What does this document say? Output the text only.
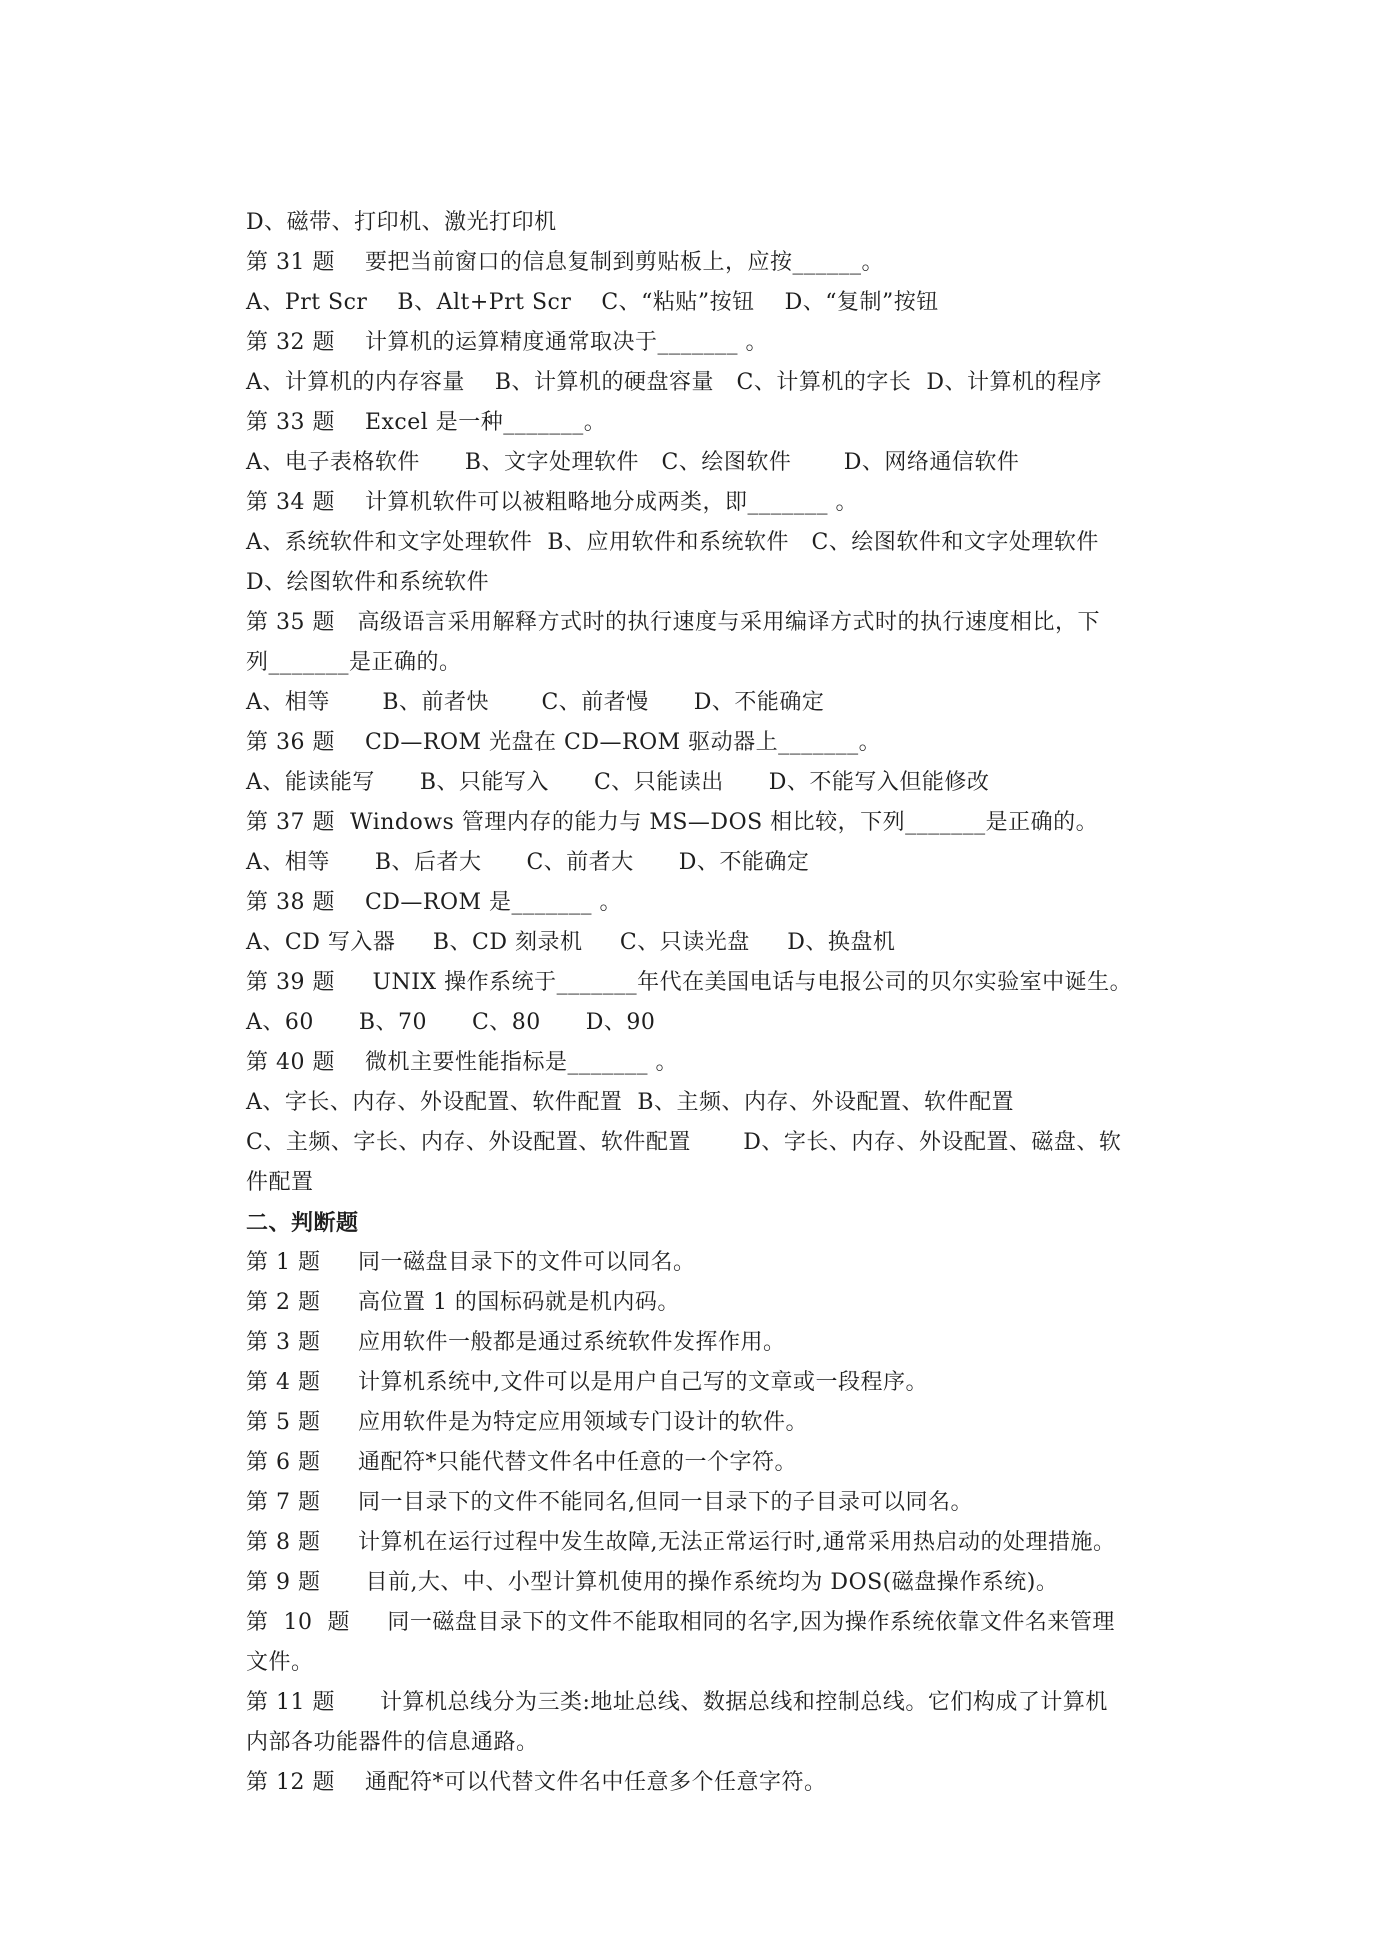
D、磁带、打印机、激光打印机
第 31 题    要把当前窗口的信息复制到剪贴板上，应按______。
A、Prt Scr    B、Alt+Prt Scr    C、“粘贴”按钮    D、“复制”按钮
第 32 题    计算机的运算精度通常取决于_______ 。
A、计算机的内存容量    B、计算机的硬盘容量   C、计算机的字长  D、计算机的程序
第 33 题    Excel 是一种_______。
A、电子表格软件      B、文字处理软件   C、绘图软件       D、网络通信软件
第 34 题    计算机软件可以被粗略地分成两类，即_______ 。
A、系统软件和文字处理软件  B、应用软件和系统软件   C、绘图软件和文字处理软件
D、绘图软件和系统软件
第 35 题   高级语言采用解释方式时的执行速度与采用编译方式时的执行速度相比，下
列_______是正确的。
A、相等       B、前者快       C、前者慢      D、不能确定
第 36 题    CD—ROM 光盘在 CD—ROM 驱动器上_______。
A、能读能写      B、只能写入      C、只能读出      D、不能写入但能修改
第 37 题  Windows 管理内存的能力与 MS—DOS 相比较，下列_______是正确的。
A、相等      B、后者大      C、前者大      D、不能确定
第 38 题    CD—ROM 是_______ 。
A、CD 写入器     B、CD 刻录机     C、只读光盘     D、换盘机
第 39 题     UNIX 操作系统于_______年代在美国电话与电报公司的贝尔实验室中诞生。
A、60      B、70      C、80      D、90
第 40 题    微机主要性能指标是_______ 。
A、字长、内存、外设配置、软件配置  B、主频、内存、外设配置、软件配置
C、主频、字长、内存、外设配置、软件配置       D、字长、内存、外设配置、磁盘、软
件配置
二、判断题
第 1 题     同一磁盘目录下的文件可以同名。
第 2 题     高位置 1 的国标码就是机内码。
第 3 题     应用软件一般都是通过系统软件发挥作用。
第 4 题     计算机系统中,文件可以是用户自己写的文章或一段程序。
第 5 题     应用软件是为特定应用领域专门设计的软件。
第 6 题     通配符*只能代替文件名中任意的一个字符。
第 7 题     同一目录下的文件不能同名,但同一目录下的子目录可以同名。
第 8 题     计算机在运行过程中发生故障,无法正常运行时,通常采用热启动的处理措施。
第 9 题      目前,大、中、小型计算机使用的操作系统均为 DOS(磁盘操作系统)。
第  10  题     同一磁盘目录下的文件不能取相同的名字,因为操作系统依靠文件名来管理
文件。
第 11 题      计算机总线分为三类:地址总线、数据总线和控制总线。它们构成了计算机
内部各功能器件的信息通路。
第 12 题    通配符*可以代替文件名中任意多个任意字符。
